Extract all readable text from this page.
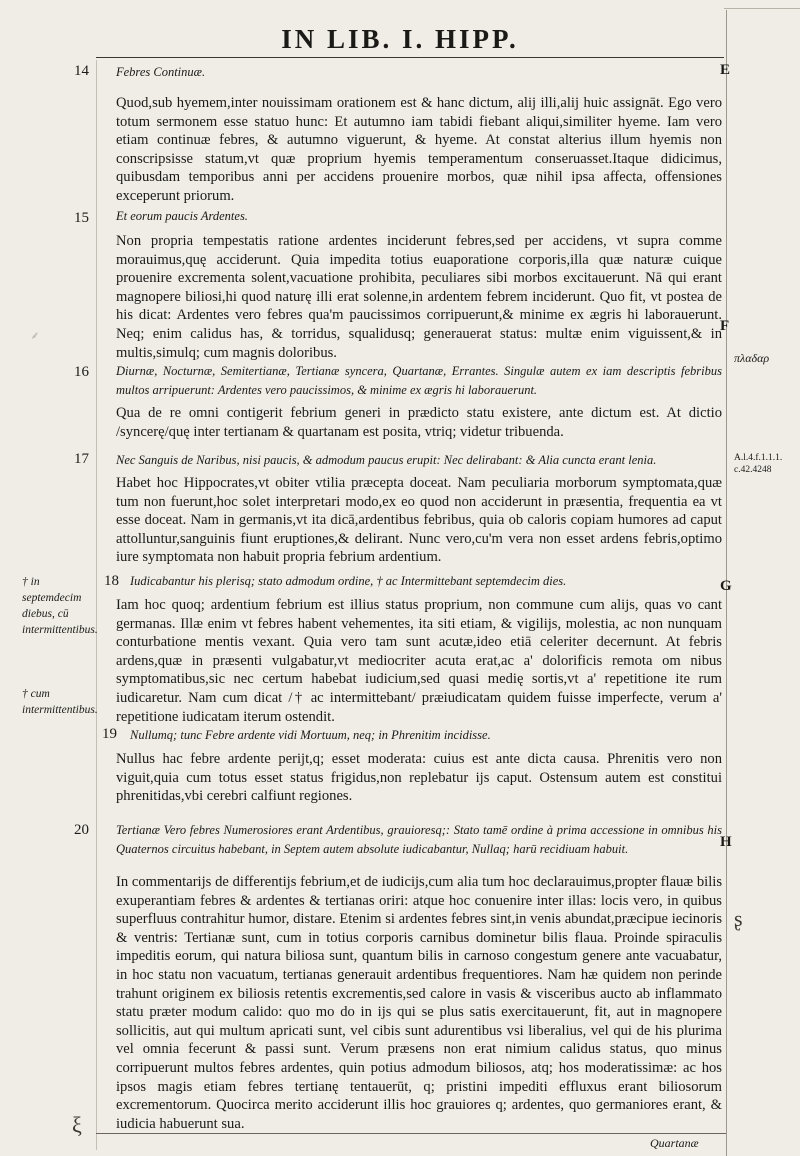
IN LIB. I. HIPP.
E
F
G
H
14 Febres Continuæ.
Quod,sub hyemem,inter nouissimam orationem est & hanc dictum, alij illi,alij huic assignāt. Ego vero totum sermonem esse statuo hunc: Et autumno iam tabidi fiebant aliqui,similiter hyeme. Iam vero etiam continuæ febres, & autumno viguerunt, & hyeme. At constat alterius illum hyemis non conscripsisse statum,vt quæ proprium hyemis temperamentum conseruasset.Itaque didicimus, quibusdam temporibus anni per accidens prouenire morbos, quæ nihil ipsa affecta, offensiones exceperunt priorum.
15 Et eorum paucis Ardentes.
Non propria tempestatis ratione ardentes inciderunt febres,sed per accidens, vt supra comme morauimus,quę acciderunt. Quia impedita totius euaporatione corporis,illa quæ naturæ cuique prouenire excrementa solent,vacuatione prohibita, peculiares sibi morbos excitauerunt. Nā qui erant magnopere biliosi,hi quod naturę illi erat solenne,in ardentem febrem inciderunt. Quo fit, vt postea de his dicat: Ardentes vero febres qua'm paucissimos corripuerunt,& minime ex ægris hi laborauerunt. Neq; enim calidus has, & torridus, squalidusq; generauerat status: multæ enim viguissent,& in multis,simulq; cum magnis doloribus.
16 Diurnæ, Nocturnæ, Semitertianæ, Tertianæ syncera, Quartanæ, Errantes. Singulæ autem ex iam descriptis febribus multos arripuerunt: Ardentes vero paucissimos, & minime ex ægris hi laborauerunt.
Qua de re omni contigerit febrium generi in prædicto statu existere, ante dictum est. At dictio /syncerę/quę inter tertianam & quartanam est posita, vtriq; videtur tribuenda.
17 Nec Sanguis de Naribus, nisi paucis, & admodum paucus erupit: Nec delirabant: & Alia cuncta erant lenia.
Habet hoc Hippocrates,vt obiter vtilia præcepta doceat. Nam peculiaria morborum symptomata,quæ tum non fuerunt,hoc solet interpretari modo,ex eo quod non acciderunt in præsentia, frequentia ea vt esse doceat. Nam in germanis,vt ita dicā,ardentibus febribus, quia ob caloris copiam humores ad caput attolluntur,sanguinis fiunt eruptiones,& delirant. Nunc vero,cu'm vera non esset ardens febris,optimo iure symptomata non habuit propria febrium ardentium.
18 Iudicabantur his plerisq; stato admodum ordine, † ac Intermittebant septemdecim dies.
Iam hoc quoq; ardentium febrium est illius status proprium, non commune cum alijs, quas vo cant germanas. Illæ enim vt febres habent vehementes, ita siti etiam, & vigilijs, molestia, ac non nunquam conturbatione mentis vexant. Quia vero tam sunt acutæ,ideo etiā celeriter decernunt. At febris ardens,quæ in præsenti vulgabatur,vt mediocriter acuta erat,ac a' dolorificis remota om nibus symptomatibus,sic nec certum habebat iudicium,sed quasi medię sortis,vt a' repetitione ite rum iudicaretur. Nam cum dicat /† ac intermittebant/ præiudicatam quidem fuisse imperfecte, verum a' repetitione iudicatam iterum ostendit.
19 Nullumq; tunc Febre ardente vidi Mortuum, neq; in Phrenitim incidisse.
Nullus hac febre ardente perijt,q; esset moderata: cuius est ante dicta causa. Phrenitis vero non viguit,quia cum totus esset status frigidus,non replebatur ijs caput. Ostensum autem est constitui phrenitidas,vbi cerebri calfiunt regiones.
20 Tertianæ Vero febres Numerosiores erant Ardentibus, grauioresq;: Stato tamē ordine à prima accessione in omnibus his Quaternos circuitus habebant, in Septem autem absolute iudicabantur, Nullaq; harū recidiuam habuit.
In commentarijs de differentijs febrium,et de iudicijs,cum alia tum hoc declarauimus,propter flauæ bilis exuperantiam febres & ardentes & tertianas oriri: atque hoc conuenire inter illas: locis vero, in quibus superfluus contrahitur humor, distare. Etenim si ardentes febres sint,in venis abundat,præcipue iecinoris & ventris: Tertianæ sunt, cum in totius corporis carnibus dominetur bilis flaua. Proinde spiraculis impeditis eorum, qui natura biliosa sunt, quantum bilis in carnoso congestum genere ante vacuabatur, in hoc statu non vacuatum, tertianas generauit ardentibus frequentiores. Nam hæ quidem non perinde trahunt originem ex biliosis retentis excrementis,sed calore in vasis & visceribus aucto ab inflammato statu præter modum calido: quo mo do in ijs qui se plus satis exercitauerunt, fit, aut in magnopere sollicitis, aut qui multum apricati sunt, vel cibis sunt adurentibus vsi liberalius, vel qui de his plurima vel omnia fecerunt & passi sunt. Verum præsens non erat nimium calidus status, quo minus corripuerunt multos febres ardentes, quin potius admodum biliosos, atq; hos moderatissimæ: ac hos ipsos magis etiam febres tertianę tentauerūt, q; pristini impediti effluxus erant biliosorum excrementorum. Quocirca merito acciderunt illis hoc grauiores q; ardentes, quo germaniores erant, & iudicia habuerunt sua.
† in septemdecim diebus, cū intermittentibus.
† cum intermittentibus.
A.l.4.f.1.1.1. c.42.4248
πλαδαρ
ʂ
ξ
⸙
Quartanæ
